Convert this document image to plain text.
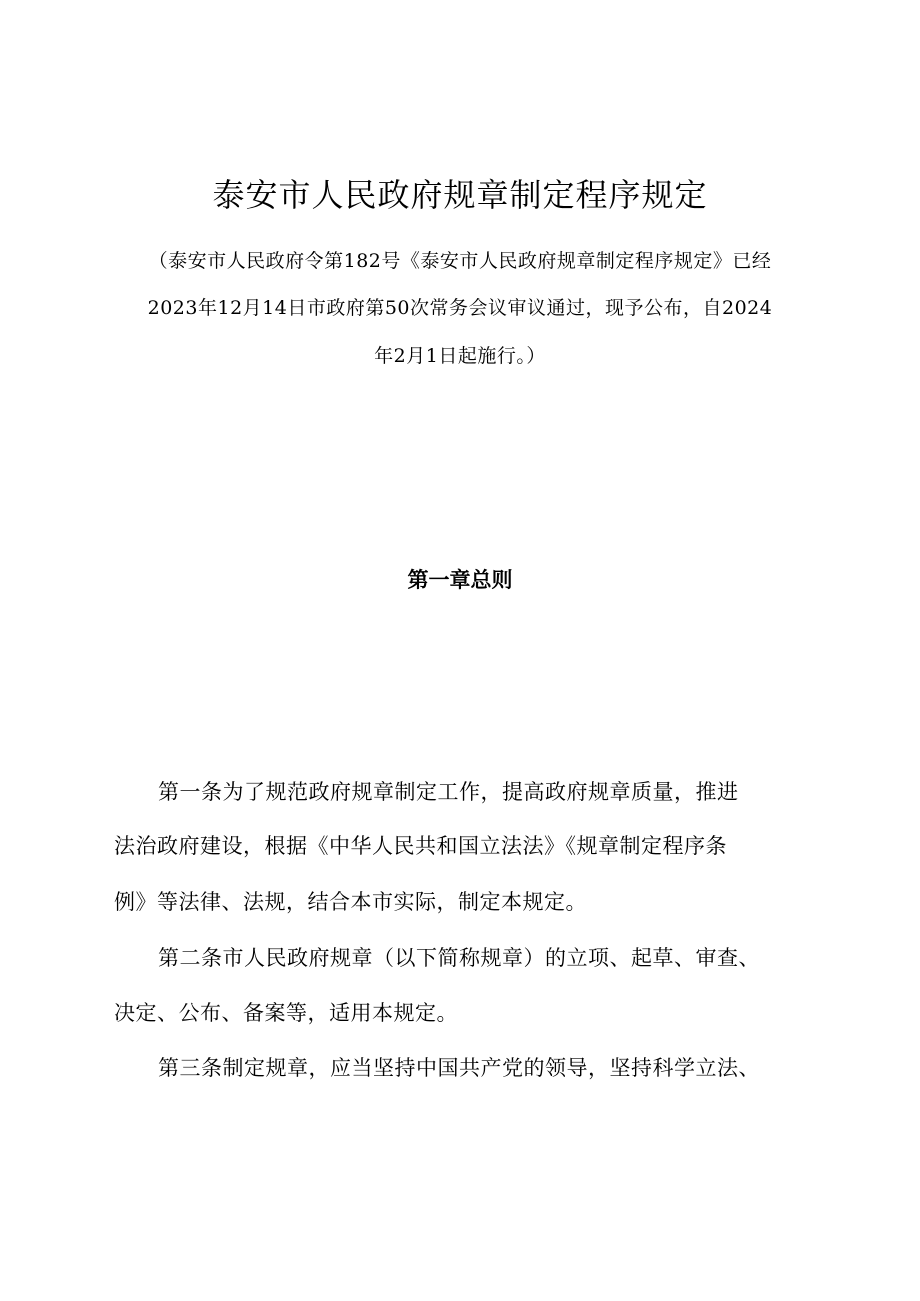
泰安市人民政府规章制定程序规定
（泰安市人民政府令第182号《泰安市人民政府规章制定程序规定》已经
2023年12月14日市政府第50次常务会议审议通过，现予公布，自2024
年2月1日起施行。）
第一章总则
第一条为了规范政府规章制定工作，提高政府规章质量，推进
法治政府建设，根据《中华人民共和国立法法》《规章制定程序条
例》等法律、法规，结合本市实际，制定本规定。
第二条市人民政府规章（以下简称规章）的立项、起草、审查、
决定、公布、备案等，适用本规定。
第三条制定规章，应当坚持中国共产党的领导，坚持科学立法、
